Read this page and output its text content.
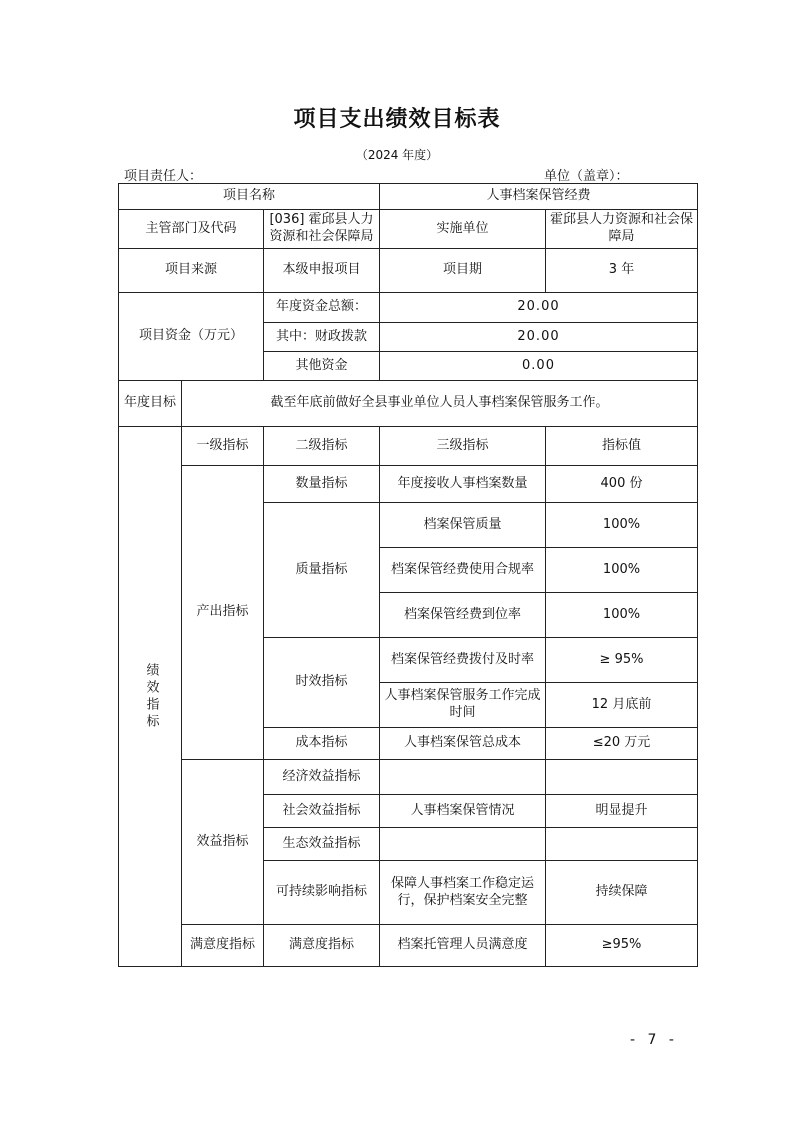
项目支出绩效目标表
（2024 年度）
项目责任人：	单位（盖章）：
项目名称			人事档案保管经费	
主管部门及代码		[036] 霍邱县人力资源和社会保障局	实施单位	霍邱县人力资源和社会保障局
项目来源		本级申报项目	项目期	3 年
项目资金（万元）		年度资金总额：	20.00	
		其中：财政拨款	20.00	
		其他资金	0.00	
年度目标	截至年底前做好全县事业单位人员人事档案保管服务工作。			
绩效指标	一级指标	二级指标	三级指标	指标值
	产出指标	数量指标	年度接收人事档案数量	400 份
		质量指标	档案保管质量	100%
			档案保管经费使用合规率	100%
			档案保管经费到位率	100%
		时效指标	档案保管经费拨付及时率	≥ 95%
			人事档案保管服务工作完成时间	12 月底前
		成本指标	人事档案保管总成本	≤20 万元
	效益指标	经济效益指标		
		社会效益指标	人事档案保管情况	明显提升
		生态效益指标		
		可持续影响指标	保障人事档案工作稳定运行，保护档案安全完整	持续保障
	满意度指标	满意度指标	档案托管理人员满意度	≥95%
- 7 -
